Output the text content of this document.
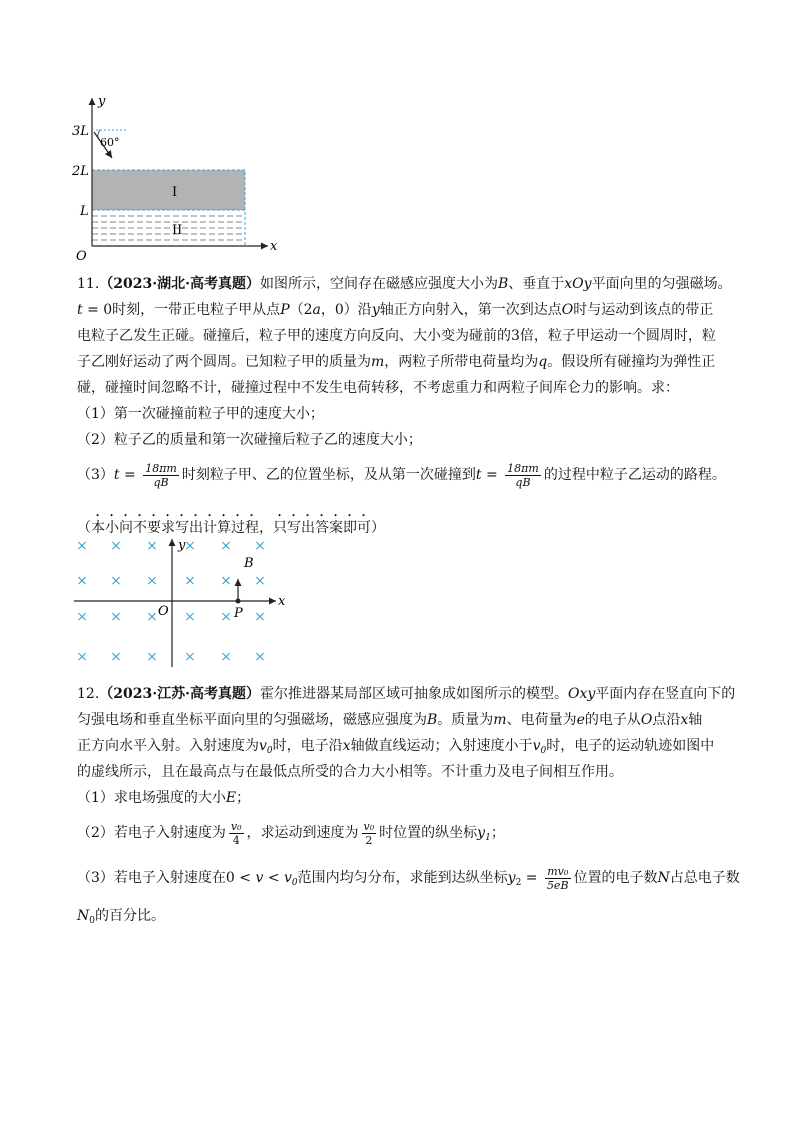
y
x
O
3L
2L
L
60°
I
II
11.（2023·湖北·高考真题）如图所示，空间存在磁感应强度大小为B、垂直于xOy平面向里的匀强磁场。
t = 0时刻，一带正电粒子甲从点P（2a，0）沿y轴正方向射入，第一次到达点O时与运动到该点的带正
电粒子乙发生正碰。碰撞后，粒子甲的速度方向反向、大小变为碰前的3倍，粒子甲运动一个圆周时，粒
子乙刚好运动了两个圆周。已知粒子甲的质量为m，两粒子所带电荷量均为q。假设所有碰撞均为弹性正
碰，碰撞时间忽略不计，碰撞过程中不发生电荷转移，不考虑重力和两粒子间库仑力的影响。求：
（1）第一次碰撞前粒子甲的速度大小；
（2）粒子乙的质量和第一次碰撞后粒子乙的速度大小；
$(3)t = \frac{18\pi m}{qB}$ 时刻粒子甲、乙的位置坐标，及从第一次碰撞到$t = \frac{18\pi m}{qB}$ 的过程中粒子乙运动的路程。
（本小问不要求写出计算过程，只写出答案即可）
×
×
×
×
×
×
×
×
×
×
×
×
×
×
×
×
×
×
×
×
×
×
×
×
y
x
O	P
B
12.（2023·江苏·高考真题）霍尔推进器某局部区域可抽象成如图所示的模型。Oxy平面内存在竖直向下的
匀强电场和垂直坐标平面向里的匀强磁场，磁感应强度为B。质量为m、电荷量为e的电子从O点沿x轴
正方向水平入射。入射速度为$v_0$时，电子沿x轴做直线运动；入射速度小于$v_0$时，电子的运动轨迹如图中
的虚线所示，且在最高点与在最低点所受的合力大小相等。不计重力及电子间相互作用。
（1）求电场强度的大小E；
（2）若电子入射速度为 $\frac{\text{v₀}}{4}$ ，求运动到速度为 $\frac{\text{v₀}}{2}$ 时位置的纵坐标$y_1$；
（3）若电子入射速度在$0 < v < v_0$范围内均匀分布，求能到达纵坐标$y_2 = \frac{\text{mv₀}}{5eB}$ 位置的电子数N占总电子数
$N_0$的百分比。
